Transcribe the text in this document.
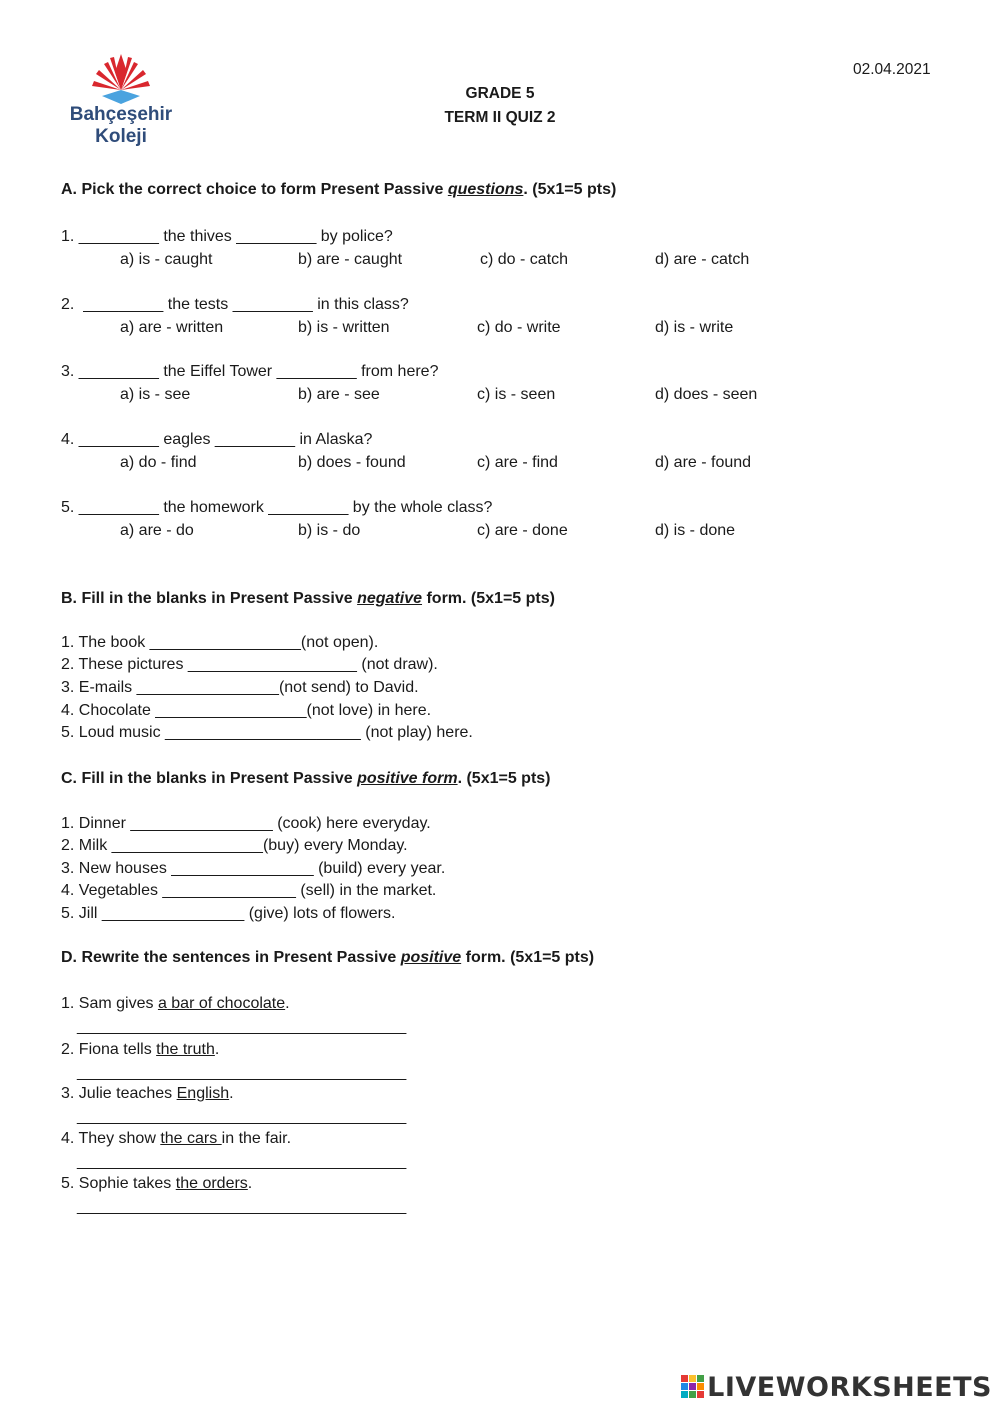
Bahçeşehir
Koleji
02.04.2021
GRADE 5
TERM II QUIZ 2
A. Pick the correct choice to form Present Passive questions. (5x1=5 pts)
1. _________ the thives _________ by police?
a) is - caught	b) are - caught	c) do - catch	d) are - catch
2.  _________ the tests _________ in this class?
a) are - written	b) is - written	c) do - write	d) is - write
3. _________ the Eiffel Tower _________ from here?
a) is - see	b) are - see	c) is - seen	d) does - seen
4. _________ eagles _________ in Alaska?
a) do - find	b) does - found	c) are - find	d) are - found
5. _________ the homework _________ by the whole class?
a) are - do	b) is - do	c) are - done	d) is - done
B. Fill in the blanks in Present Passive negative form. (5x1=5 pts)
1. The book _________________(not open).
2. These pictures ___________________ (not draw).
3. E-mails ________________(not send) to David.
4. Chocolate _________________(not love) in here.
5. Loud music ______________________ (not play) here.
C. Fill in the blanks in Present Passive positive form. (5x1=5 pts)
1. Dinner ________________ (cook) here everyday.
2. Milk _________________(buy) every Monday.
3. New houses ________________ (build) every year.
4. Vegetables _______________ (sell) in the market.
5. Jill ________________ (give) lots of flowers.
D. Rewrite the sentences in Present Passive positive form. (5x1=5 pts)
1. Sam gives a bar of chocolate.
_____________________________________
2. Fiona tells the truth.
_____________________________________
3. Julie teaches English.
_____________________________________
4. They show the cars in the fair.
_____________________________________
5. Sophie takes the orders.
_____________________________________
LIVEWORKSHEETS
